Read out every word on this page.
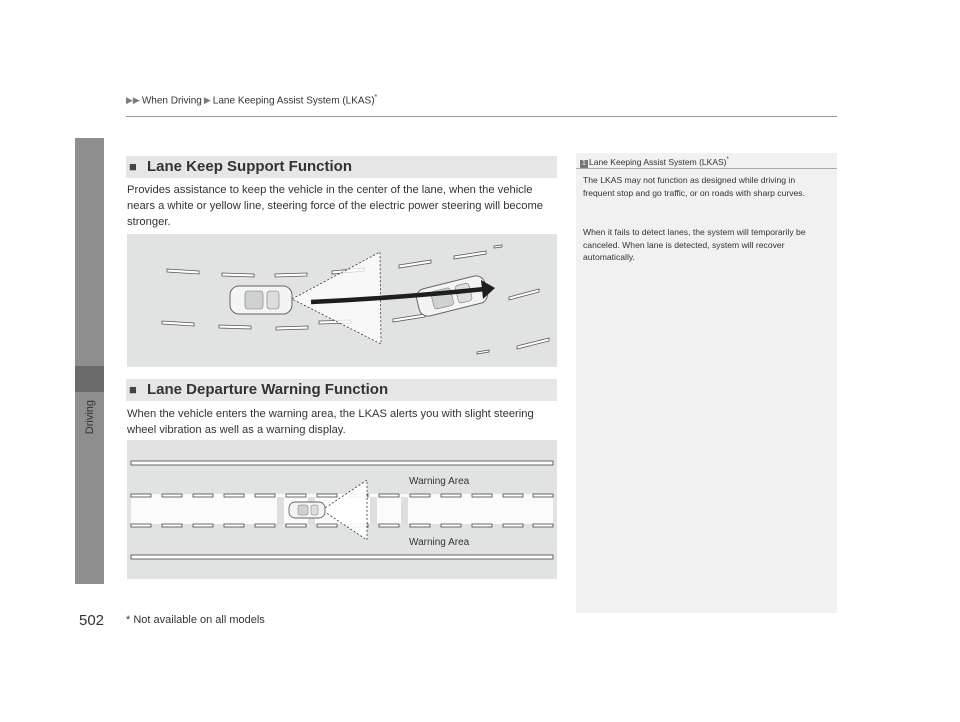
▶▶ When Driving ▶ Lane Keeping Assist System (LKAS)*
Driving
■ Lane Keep Support Function
Provides assistance to keep the vehicle in the center of the lane, when the vehicle nears a white or yellow line, steering force of the electric power steering will become stronger.
■ Lane Departure Warning Function
When the vehicle enters the warning area, the LKAS alerts you with slight steering wheel vibration as well as a warning display.
Warning Area
Warning Area
1 Lane Keeping Assist System (LKAS)*
The LKAS may not function as designed while driving in frequent stop and go traffic, or on roads with sharp curves.
When it fails to detect lanes, the system will temporarily be canceled. When lane is detected, system will recover automatically.
502 * Not available on all models
